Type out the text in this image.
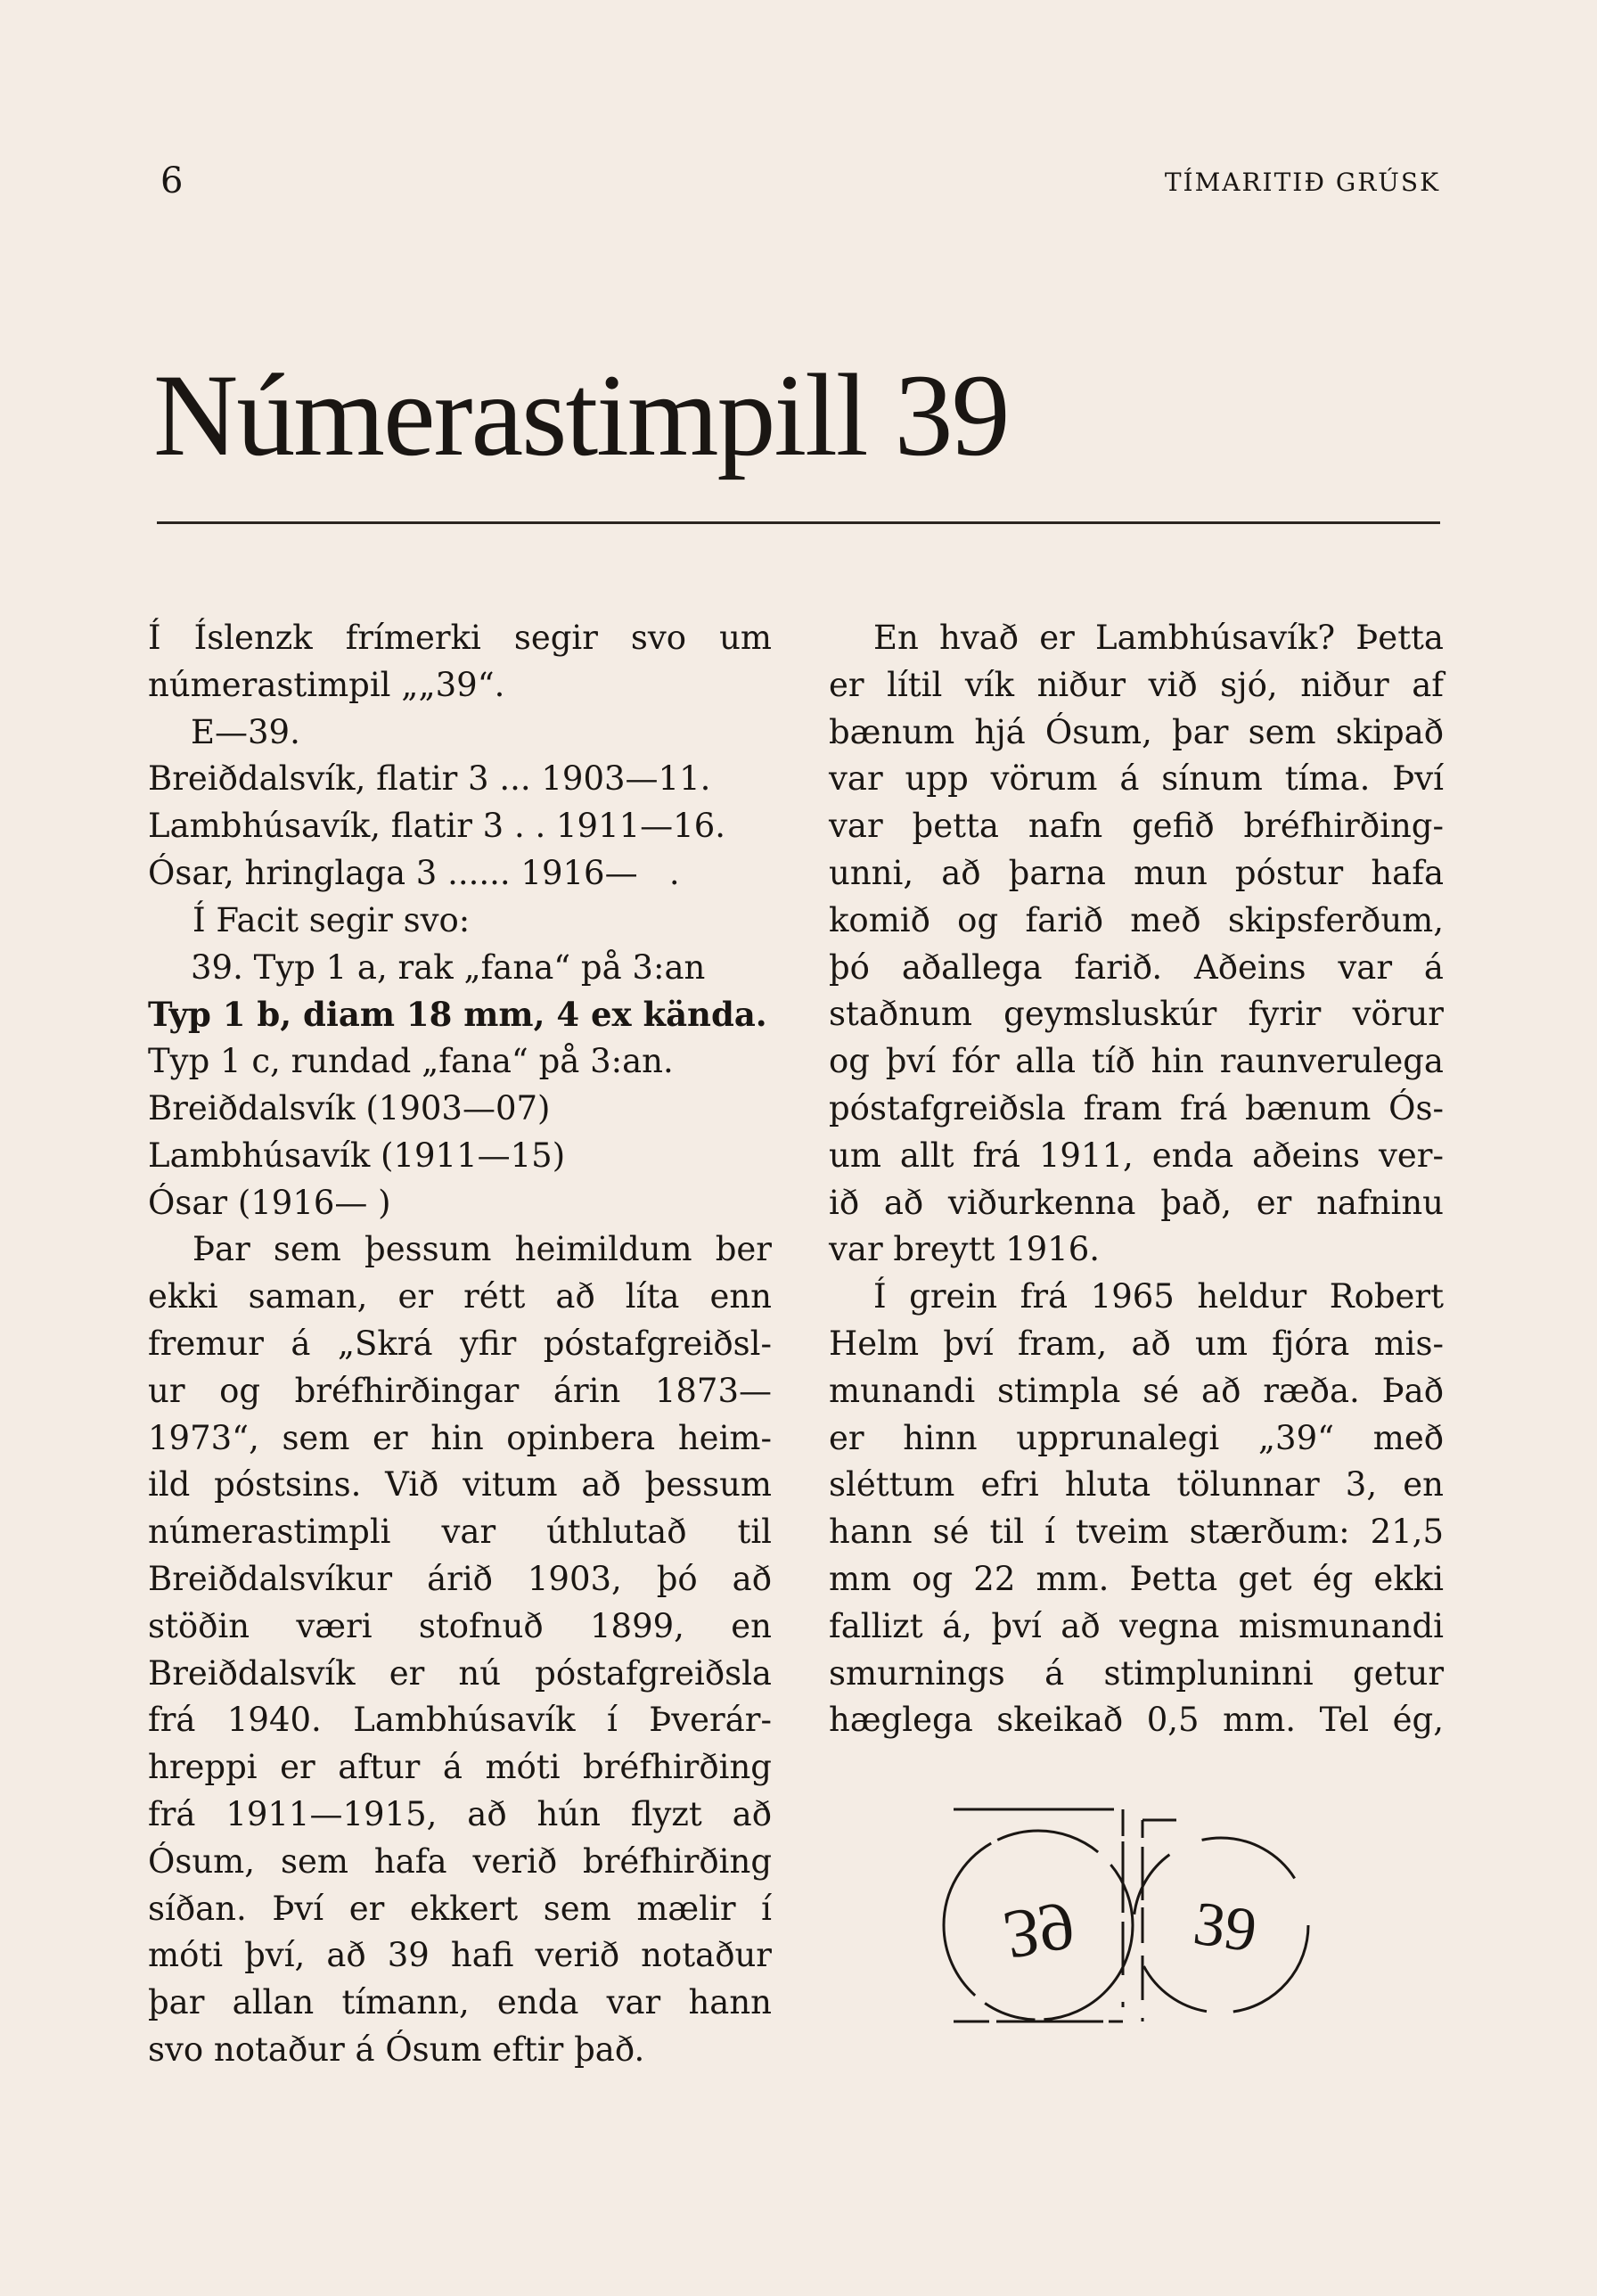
6	TÍMARITIÐ GRÚSK
Númerastimpill 39
Í Íslenzk frímerki segir svo um
númerastimpil „„39“.
E—39.
Breiðdalsvík, flatir 3 ... 1903—11.
Lambhúsavík, flatir 3 . . 1911—16.
Ósar, hringlaga 3 ...... 1916—   .
Í Facit segir svo:
39. Typ 1 a, rak „fana“ på 3:an
Typ 1 b, diam 18 mm, 4 ex kända.
Typ 1 c, rundad „fana“ på 3:an.
Breiðdalsvík (1903—07)
Lambhúsavík (1911—15)
Ósar (1916— )
Þar sem þessum heimildum ber
ekki saman, er rétt að líta enn
fremur á „Skrá yfir póstafgreiðsl-
ur og bréfhirðingar árin 1873—
1973“, sem er hin opinbera heim-
ild póstsins. Við vitum að þessum
númerastimpli var úthlutað til
Breiðdalsvíkur árið 1903, þó að
stöðin væri stofnuð 1899, en
Breiðdalsvík er nú póstafgreiðsla
frá 1940. Lambhúsavík í Þverár-
hreppi er aftur á móti bréfhirðing
frá 1911—1915, að hún flyzt að
Ósum, sem hafa verið bréfhirðing
síðan. Því er ekkert sem mælir í
móti því, að 39 hafi verið notaður
þar allan tímann, enda var hann
svo notaður á Ósum eftir það.
En hvað er Lambhúsavík? Þetta
er lítil vík niður við sjó, niður af
bænum hjá Ósum, þar sem skipað
var upp vörum á sínum tíma. Því
var þetta nafn gefið bréfhirðing-
unni, að þarna mun póstur hafa
komið og farið með skipsferðum,
þó aðallega farið. Aðeins var á
staðnum geymsluskúr fyrir vörur
og því fór alla tíð hin raunverulega
póstafgreiðsla fram frá bænum Ós-
um allt frá 1911, enda aðeins ver-
ið að viðurkenna það, er nafninu
var breytt 1916.
Í grein frá 1965 heldur Robert
Helm því fram, að um fjóra mis-
munandi stimpla sé að ræða. Það
er hinn upprunalegi „39“ með
sléttum efri hluta tölunnar 3, en
hann sé til í tveim stærðum: 21,5
mm og 22 mm. Þetta get ég ekki
fallizt á, því að vegna mismunandi
smurnings á stimpluninni getur
hæglega skeikað 0,5 mm. Tel ég,
39 39
